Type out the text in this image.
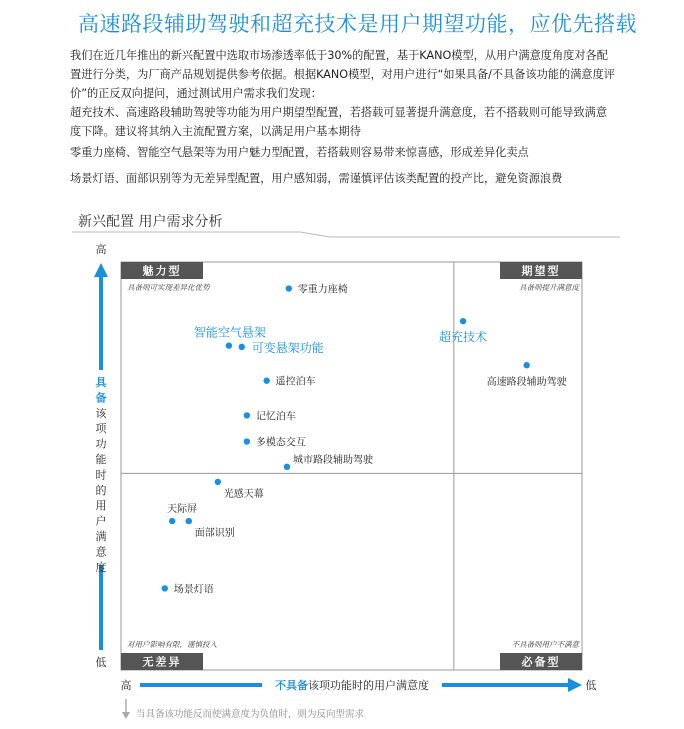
高速路段辅助驾驶和超充技术是用户期望功能，应优先搭载
我们在近几年推出的新兴配置中选取市场渗透率低于30%的配置，基于KANO模型，从用户满意度角度对各配置进行分类，为厂商产品规划提供参考依据。根据KANO模型，对用户进行“如果具备/不具备该功能的满意度评价”的正反双向提问，通过测试用户需求我们发现：
超充技术、高速路段辅助驾驶等功能为用户期望型配置，若搭载可显著提升满意度，若不搭载则可能导致满意度下降。建议将其纳入主流配置方案，以满足用户基本期待
零重力座椅、智能空气悬架等为用户魅力型配置，若搭载则容易带来惊喜感，形成差异化卖点
场景灯语、面部识别等为无差异型配置，用户感知弱，需谨慎评估该类配置的投产比，避免资源浪费
新兴配置 用户需求分析
魅力型
具备则可实现差异化优势
期望型
具备则提升满意度
无差异
对用户影响有限，谨慎投入
必备型
不具备则用户不满意
零重力座椅
超充技术
智能空气悬架
可变悬架功能
高速路段辅助驾驶
遥控泊车
记忆泊车
多模态交互
城市路段辅助驾驶
光感天幕
天际屏
面部识别
场景灯语
高
低
具
备
该
项
功
能
时
的
用
户
满
意
度
高	低
不具备该项功能时的用户满意度
当具备该功能反而使满意度为负值时，则为反向型需求
